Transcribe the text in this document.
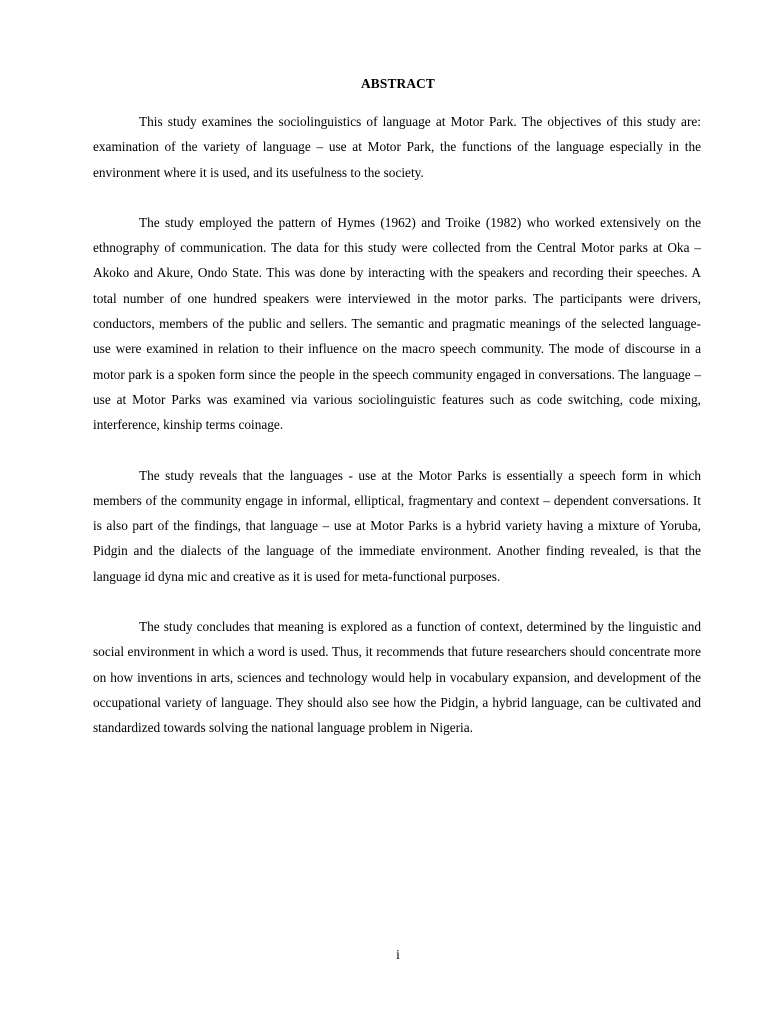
ABSTRACT

This study examines the sociolinguistics of language at Motor Park. The objectives of this study are: examination of the variety of language – use at Motor Park, the functions of the language especially in the environment where it is used, and its usefulness to the society.

The study employed the pattern of Hymes (1962) and Troike (1982) who worked extensively on the ethnography of communication. The data for this study were collected from the Central Motor parks at Oka – Akoko and Akure, Ondo State. This was done by interacting with the speakers and recording their speeches. A total number of one hundred speakers were interviewed in the motor parks. The participants were drivers, conductors, members of the public and sellers. The semantic and pragmatic meanings of the selected language-use were examined in relation to their influence on the macro speech community. The mode of discourse in a motor park is a spoken form since the people in the speech community engaged in conversations. The language – use at Motor Parks was examined via various sociolinguistic features such as code switching, code mixing, interference, kinship terms coinage.

The study reveals that the languages - use at the Motor Parks is essentially a speech form in which members of the community engage in informal, elliptical, fragmentary and context – dependent conversations. It is also part of the findings, that language – use at Motor Parks is a hybrid variety having a mixture of Yoruba, Pidgin and the dialects of the language of the immediate environment. Another finding revealed, is that the language id dyna mic and creative as it is used for meta-functional purposes.

The study concludes that meaning is explored as a function of context, determined by the linguistic and social environment in which a word is used. Thus, it recommends that future researchers should concentrate more on how inventions in arts, sciences and technology would help in vocabulary expansion, and development of the occupational variety of language. They should also see how the Pidgin, a hybrid language, can be cultivated and standardized towards solving the national language problem in Nigeria.

i
